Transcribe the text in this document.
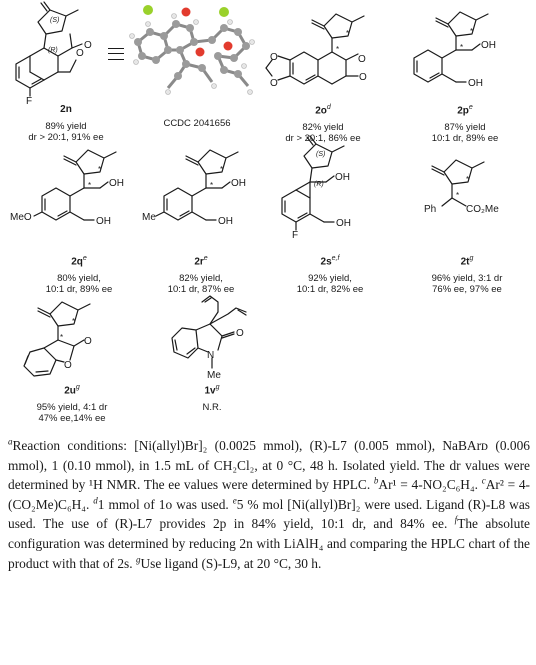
O
O
F
(S)
(R)
2n
89% yield
dr > 20:1, 91% ee
CCDC 2041656
O
O
O
O
*
*
$2o^d$
82% yield
dr > 20:1, 86% ee
OH
OH
*
*
$2p^e$
87% yield
10:1 dr, 89% ee
OH
OH
MeO
*
*
$2q^e$
80% yield,
10:1 dr, 89% ee
OH
OH
Me
*
*
$2r^e$
82% yield,
10:1 dr, 87% ee
OH
OH
F
(S)
(R)
$2s^{e,f}$
92% yield,
10:1 dr, 82% ee
Ph	CO₂Me
*
*
$2t^g$
96% yield, 3:1 dr
76% ee, 97% ee
O
O
*
*
$2u^g$
95% yield, 4:1 dr
47% ee,14% ee
O
N
Me
$1v^g$
N.R.
$^a$Reaction conditions: [Ni(allyl)Br]₂ (0.0025 mmol), (R)-L7 (0.005 mmol), NaBArᴅ (0.006 mmol), 1 (0.10 mmol), in 1.5 mL of CH₂Cl₂, at 0 °C, 48 h. Isolated yield. The dr values were determined by ¹H NMR. The ee values were determined by HPLC. $^b$Ar¹ = 4-NO₂C₆H₄. $^c$Ar² = 4-(CO₂Me)C₆H₄. $^d$1 mmol of 1o was used. $^e$5 % mol [Ni(allyl)Br]₂ were used. Ligand (R)-L8 was used. The use of (R)-L7 provides 2p in 84% yield, 10:1 dr, and 84% ee. $^f$The absolute configuration was determined by reducing 2n with LiAlH₄ and comparing the HPLC chart of the product with that of 2s. $^g$Use ligand (S)-L9, at 20 °C, 30 h.
